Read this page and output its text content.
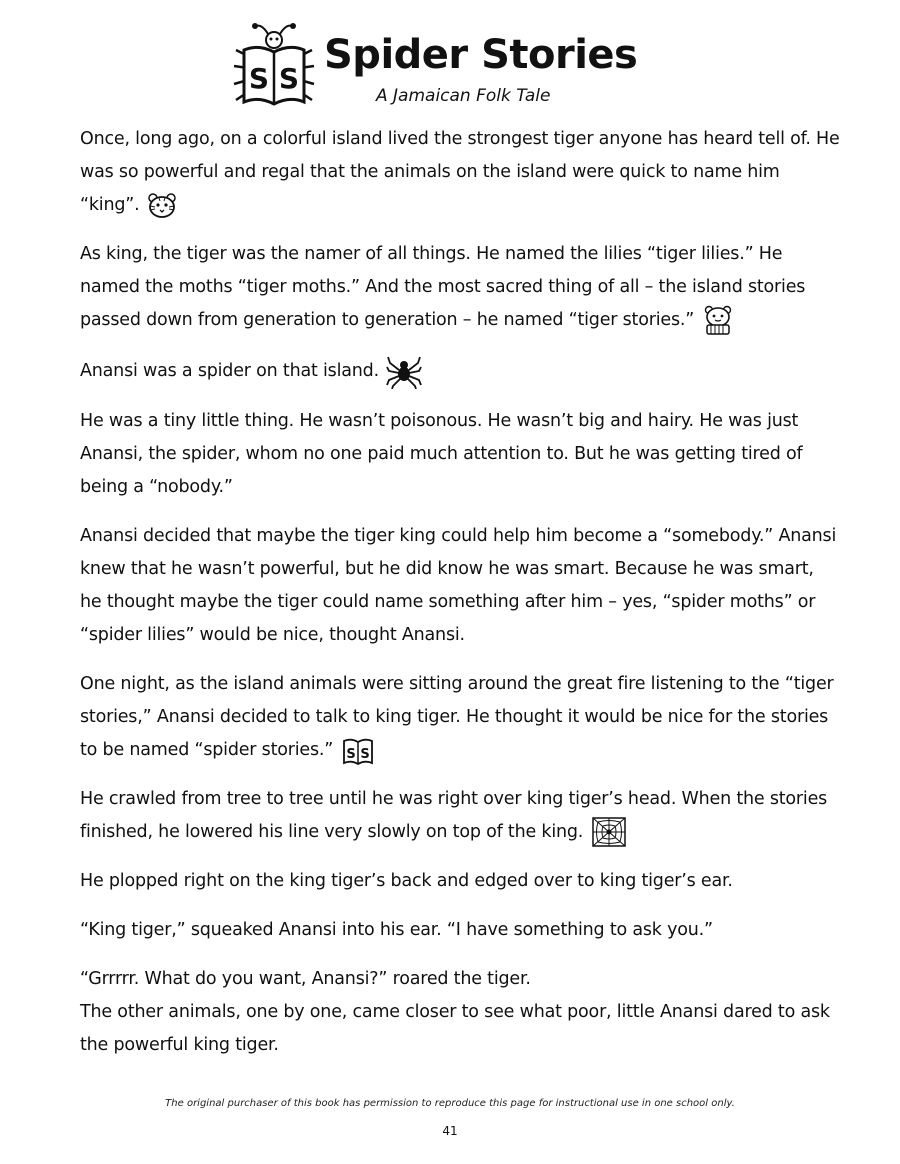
S S
Spider Stories
A Jamaican Folk Tale

Once, long ago, on a colorful island lived the strongest tiger anyone has heard tell of. He was so powerful and regal that the animals on the island were quick to name him “king”.

As king, the tiger was the namer of all things. He named the lilies “tiger lilies.” He named the moths “tiger moths.” And the most sacred thing of all – the island stories passed down from generation to generation – he named “tiger stories.”

Anansi was a spider on that island.

He was a tiny little thing. He wasn’t poisonous. He wasn’t big and hairy. He was just Anansi, the spider, whom no one paid much attention to. But he was getting tired of being a “nobody.”

Anansi decided that maybe the tiger king could help him become a “somebody.” Anansi knew that he wasn’t powerful, but he did know he was smart. Because he was smart, he thought maybe the tiger could name something after him – yes, “spider moths” or “spider lilies” would be nice, thought Anansi.

One night, as the island animals were sitting around the great fire listening to the “tiger stories,” Anansi decided to talk to king tiger. He thought it would be nice for the stories to be named “spider stories.” S S

He crawled from tree to tree until he was right over king tiger’s head. When the stories finished, he lowered his line very slowly on top of the king.

He plopped right on the king tiger’s back and edged over to king tiger’s ear.

“King tiger,” squeaked Anansi into his ear. “I have something to ask you.”

“Grrrrr. What do you want, Anansi?” roared the tiger.

The other animals, one by one, came closer to see what poor, little Anansi dared to ask the powerful king tiger.

The original purchaser of this book has permission to reproduce this page for instructional use in one school only.
41
